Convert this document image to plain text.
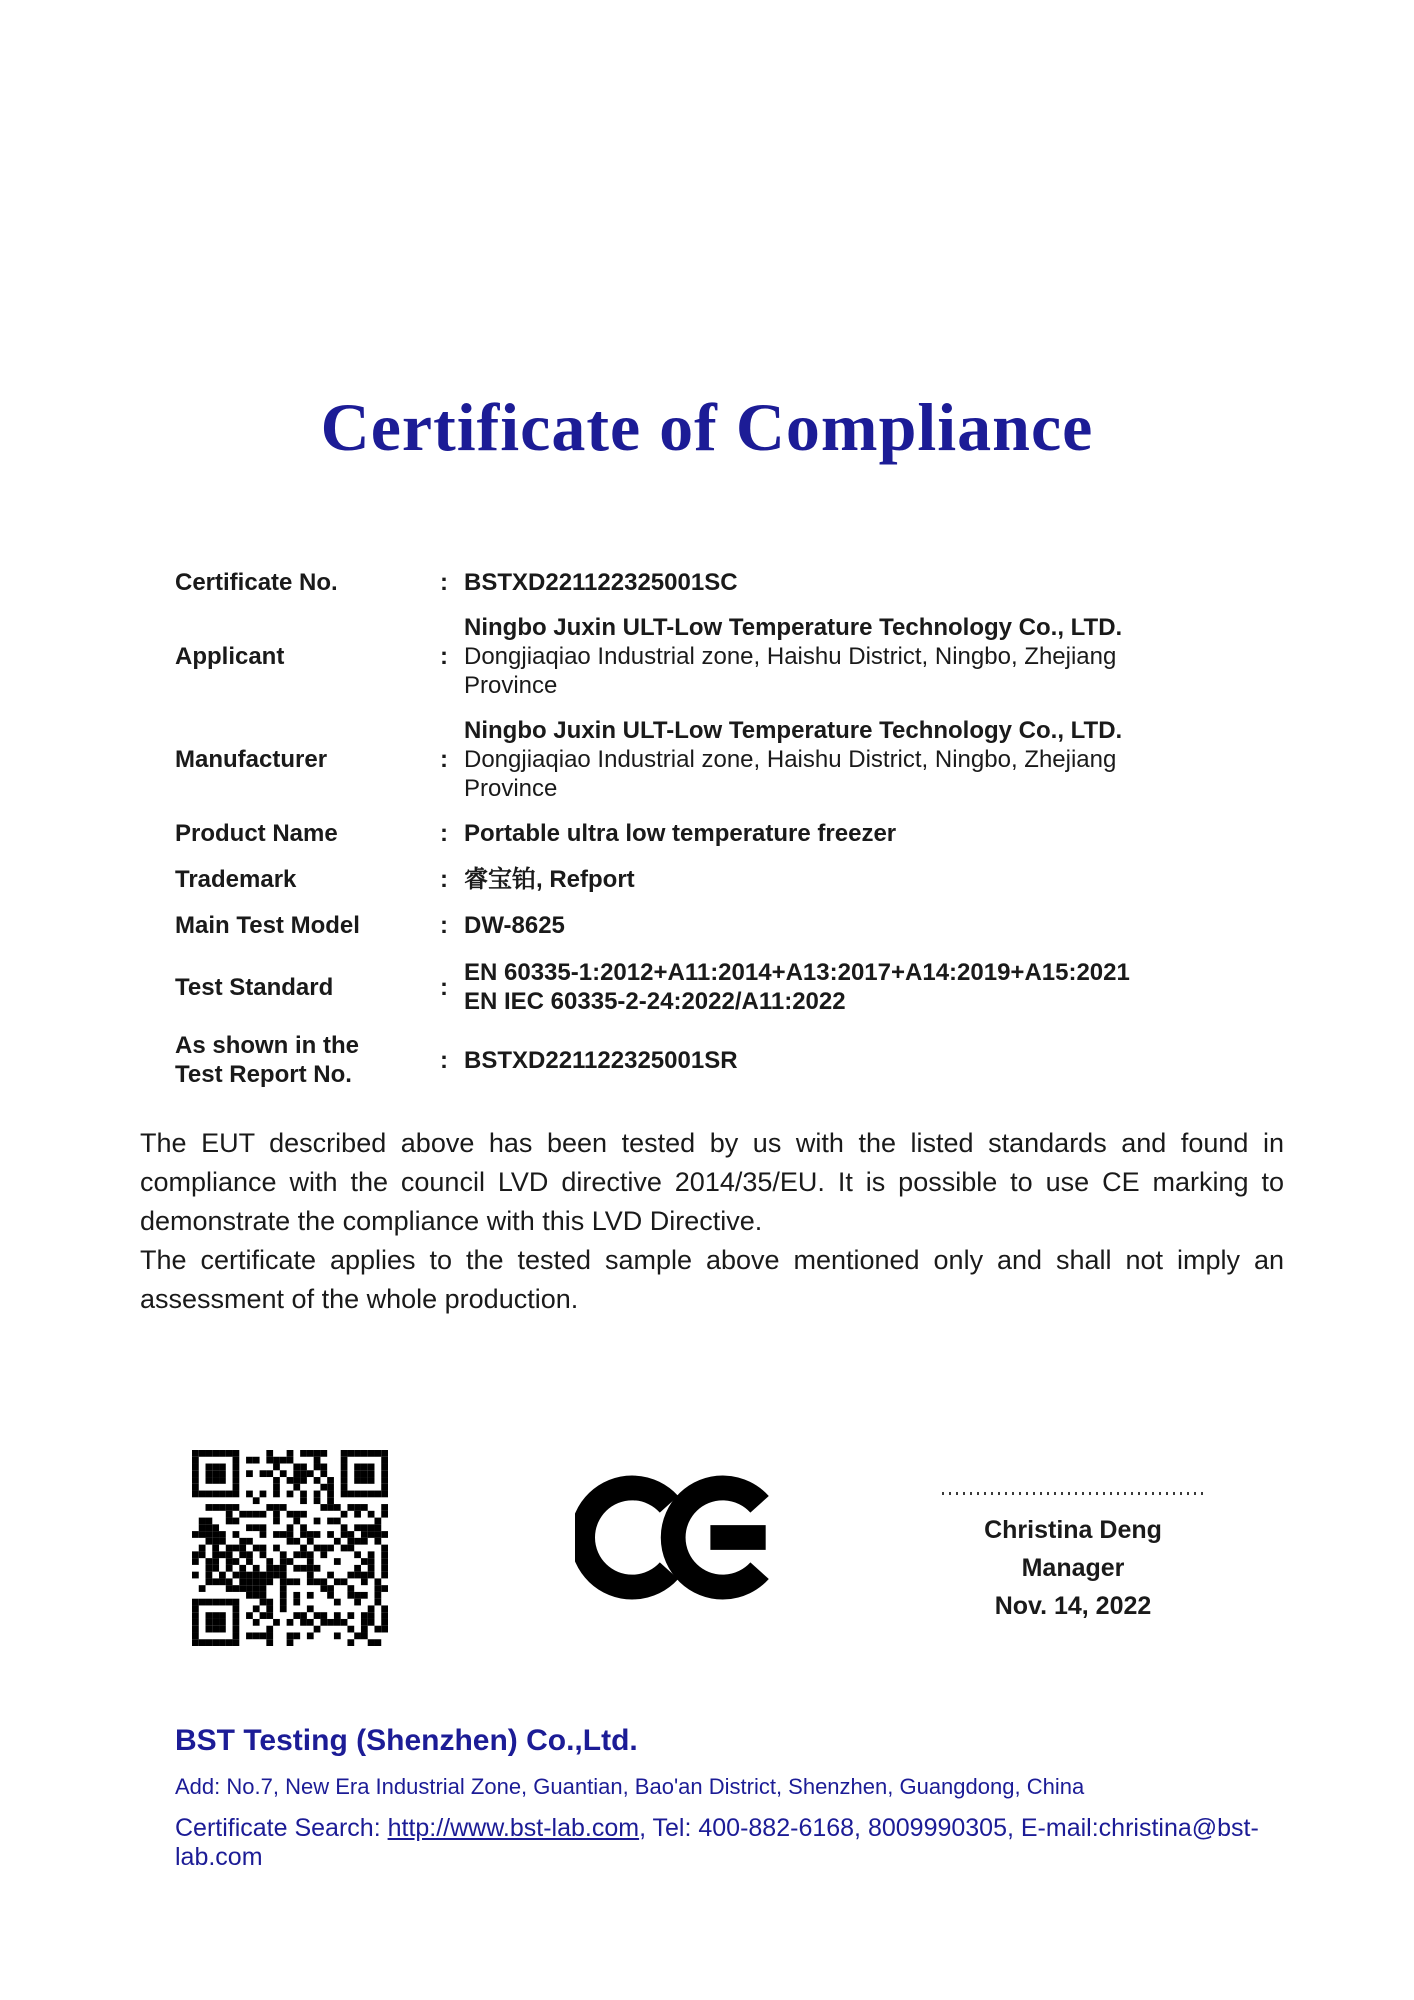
Certificate of Compliance
Certificate No.	: BSTXD221122325001SC
Applicant	:
Ningbo Juxin ULT-Low Temperature Technology Co., LTD.
Dongjiaqiao Industrial zone, Haishu District, Ningbo, Zhejiang
Province
Manufacturer	:
Ningbo Juxin ULT-Low Temperature Technology Co., LTD.
Dongjiaqiao Industrial zone, Haishu District, Ningbo, Zhejiang
Province
Product Name	: Portable ultra low temperature freezer
Trademark	: 睿宝铂, Refport
Main Test Model	: DW-8625
Test Standard	:
EN 60335-1:2012+A11:2014+A13:2017+A14:2019+A15:2021
EN IEC 60335-2-24:2022/A11:2022
As shown in the
Test Report No.
: BSTXD221122325001SR

The EUT described above has been tested by us with the listed standards and found in compliance with the council LVD directive 2014/35/EU. It is possible to use CE marking to demonstrate the compliance with this LVD Directive.

The certificate applies to the tested sample above mentioned only and shall not imply an assessment of the whole production.

Christina Deng
Manager
Nov. 14, 2022

BST Testing (Shenzhen) Co.,Ltd.

Add: No.7, New Era Industrial Zone, Guantian, Bao'an District, Shenzhen, Guangdong, China

Certificate Search: http://www.bst-lab.com, Tel: 400-882-6168, 8009990305, E-mail:christina@bst-lab.com
